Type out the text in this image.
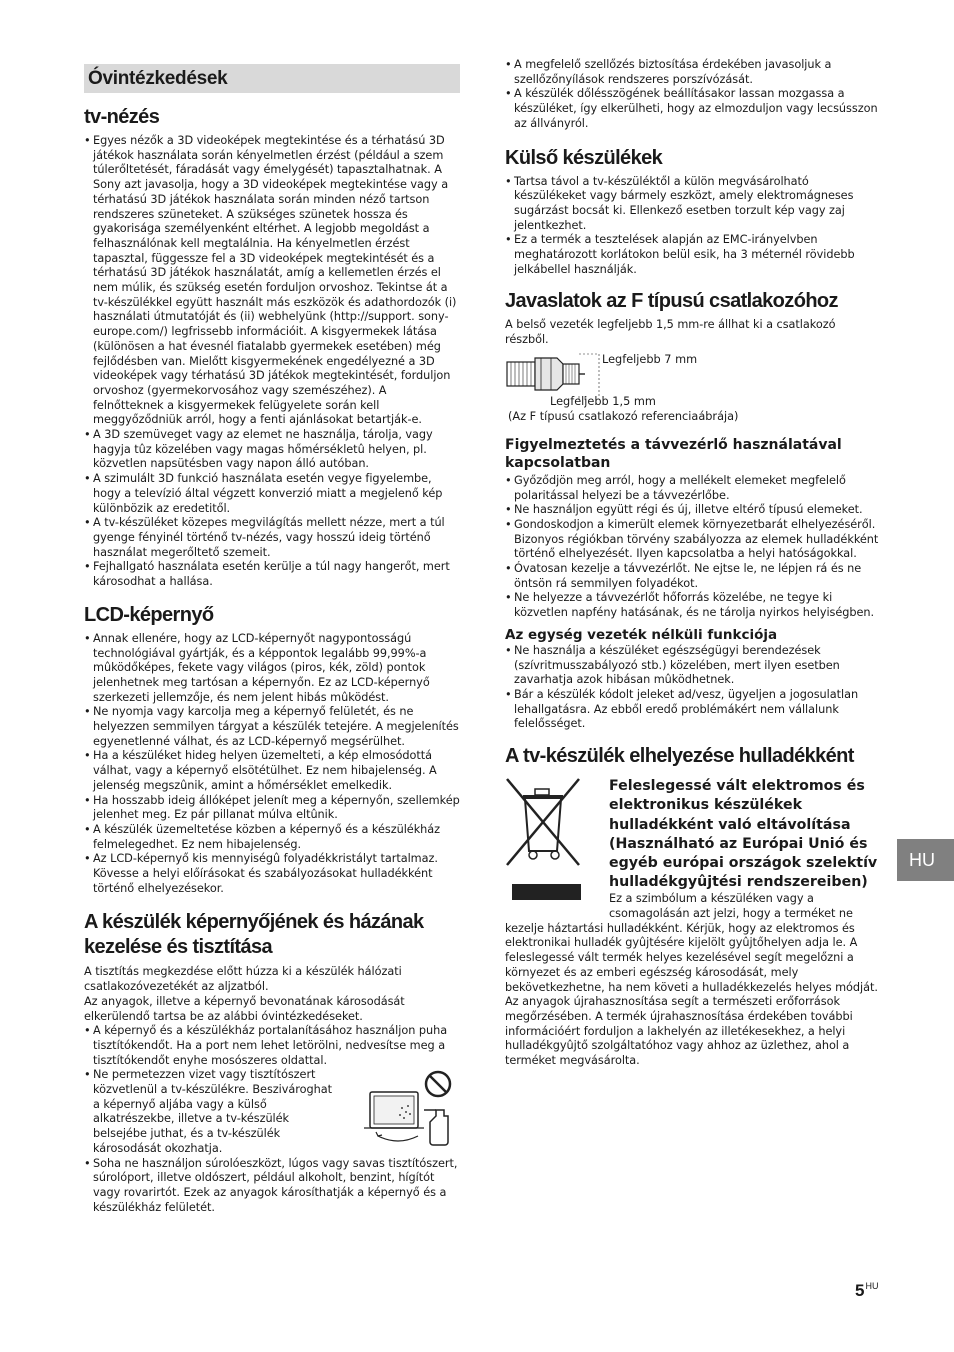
Óvintézkedések
tv-nézés
• Egyes nézők a 3D videoképek megtekintése és a térhatású 3D játékok használata során kényelmetlen érzést (például a szem túlerőltetését, fáradását vagy émelygését) tapasztalhatnak. A Sony azt javasolja, hogy a 3D videoképek megtekintése vagy a térhatású 3D játékok használata során minden néző tartson rendszeres szüneteket. A szükséges szünetek hossza és gyakorisága személyenként eltérhet. A legjobb megoldást a felhasználónak kell megtalálnia. Ha kényelmetlen érzést tapasztal, függessze fel a 3D videoképek megtekintését és a térhatású 3D játékok használatát, amíg a kellemetlen érzés el nem múlik, és szükség esetén forduljon orvoshoz. Tekintse át a tv-készülékkel együtt használt más eszközök és adathordozók (i) használati útmutatóját és (ii) webhelyünk (http://support. sony-europe.com/) legfrissebb információit. A kisgyermekek látása (különösen a hat évesnél fiatalabb gyermekek esetében) még fejlődésben van. Mielőtt kisgyermekének engedélyezné a 3D videoképek vagy térhatású 3D játékok megtekintését, forduljon orvoshoz (gyermekorvosához vagy szemészéhez). A felnőtteknek a kisgyermekek felügyelete során kell meggyőződniük arról, hogy a fenti ajánlásokat betartják-e.
• A 3D szemüveget vagy az elemet ne használja, tárolja, vagy hagyja tûz közelében vagy magas hőmérsékletû helyen, pl. közvetlen napsütésben vagy napon álló autóban.
• A szimulált 3D funkció használata esetén vegye figyelembe, hogy a televízió által végzett konverzió miatt a megjelenő kép különbözik az eredetitől.
• A tv-készüléket közepes megvilágítás mellett nézze, mert a túl gyenge fényinél történő tv-nézés, vagy hosszú ideig történő használat megerőltető szemeit.
• Fejhallgató használata esetén kerülje a túl nagy hangerőt, mert károsodhat a hallása.
LCD-képernyő
• Annak ellenére, hogy az LCD-képernyőt nagypontosságú technológiával gyártják, és a képpontok legalább 99,99%-a mûködőképes, fekete vagy világos (piros, kék, zöld) pontok jelenhetnek meg tartósan a képernyőn. Ez az LCD-képernyő szerkezeti jellemzője, és nem jelent hibás mûködést.
• Ne nyomja vagy karcolja meg a képernyő felületét, és ne helyezzen semmilyen tárgyat a készülék tetejére. A megjelenítés egyenetlenné válhat, és az LCD-képernyő megsérülhet.
• Ha a készüléket hideg helyen üzemelteti, a kép elmosódottá válhat, vagy a képernyő elsötétülhet. Ez nem hibajelenség. A jelenség megszûnik, amint a hőmérséklet emelkedik.
• Ha hosszabb ideig állóképet jelenít meg a képernyőn, szellemkép jelenhet meg. Ez pár pillanat múlva eltûnik.
• A készülék üzemeltetése közben a képernyő és a készülékház felmelegedhet. Ez nem hibajelenség.
• Az LCD-képernyő kis mennyiségû folyadékkristályt tartalmaz. Kövesse a helyi előírásokat és szabályozásokat hulladékként történő elhelyezésekor.
A készülék képernyőjének és házának kezelése és tisztítása

A tisztítás megkezdése előtt húzza ki a készülék hálózati csatlakozóvezetékét az aljzatból.

Az anyagok, illetve a képernyő bevonatának károsodását elkerülendő tartsa be az alábbi óvintézkedéseket.

• A képernyő és a készülékház portalanításához használjon puha tisztítókendőt. Ha a port nem lehet letörölni, nedvesítse meg a tisztítókendőt enyhe mosószeres oldattal.
• Ne permetezzen vizet vagy tisztítószert
közvetlenül a tv-készülékre. Beszivároghat
a képernyő aljába vagy a külső
alkatrészekbe, illetve a tv-készülék
belsejébe juthat, és a tv-készülék
károsodását okozhatja.
• Soha ne használjon súrolóeszközt, lúgos vagy savas tisztítószert, súrolóport, illetve oldószert, például alkoholt, benzint, hígítót vagy rovarirtót. Ezek az anyagok károsíthatják a képernyő és a készülékház felületét.
• A megfelelő szellőzés biztosítása érdekében javasoljuk a szellőzőnyílások rendszeres porszívózását.
• A készülék dőlésszögének beállításakor lassan mozgassa a készüléket, így elkerülheti, hogy az elmozduljon vagy lecsússzon az állványról.
Külső készülékek
• Tartsa távol a tv-készüléktől a külön megvásárolható készülékeket vagy bármely eszközt, amely elektromágneses sugárzást bocsát ki. Ellenkező esetben torzult kép vagy zaj jelentkezhet.
• Ez a termék a tesztelések alapján az EMC-irányelvben meghatározott korlátokon belül esik, ha 3 méternél rövidebb jelkábellel használják.
Javaslatok az F típusú csatlakozóhoz

A belső vezeték legfeljebb 1,5 mm-re állhat ki a csatlakozó részből.

Legfeljebb 7 mm
Legfeljebb 1,5 mm
(Az F típusú csatlakozó referenciaábrája)
Figyelmeztetés a távvezérlő használatával kapcsolatban
• Győződjön meg arról, hogy a mellékelt elemeket megfelelő polaritással helyezi be a távvezérlőbe.
• Ne használjon együtt régi és új, illetve eltérő típusú elemeket.
• Gondoskodjon a kimerült elemek környezetbarát elhelyezéséről. Bizonyos régiókban törvény szabályozza az elemek hulladékként történő elhelyezését. Ilyen kapcsolatba a helyi hatóságokkal.
• Óvatosan kezelje a távvezérlőt. Ne ejtse le, ne lépjen rá és ne öntsön rá semmilyen folyadékot.
• Ne helyezze a távvezérlőt hőforrás közelébe, ne tegye ki közvetlen napfény hatásának, és ne tárolja nyirkos helyiségben.
Az egység vezeték nélküli funkciója
• Ne használja a készüléket egészségügyi berendezések (szívritmusszabályozó stb.) közelében, mert ilyen esetben zavarhatja azok hibásan mûködhetnek.
• Bár a készülék kódolt jeleket ad/vesz, ügyeljen a jogosulatlan lehallgatásra. Az ebből eredő problémákért nem vállalunk felelősséget.
A tv-készülék elhelyezése hulladékként
Feleslegessé vált elektromos és elektronikus készülékek hulladékként való eltávolítása (Használható az Európai Unió és egyéb európai országok szelektív hulladékgyûjtési rendszereiben)

Ez a szimbólum a készüléken vagy a

csomagolásán azt jelzi, hogy a terméket ne

kezelje háztartási hulladékként. Kérjük, hogy az elektromos és elektronikai hulladék gyûjtésére kijelölt gyûjtőhelyen adja le. A feleslegessé vált termék helyes kezelésével segít megelőzni a környezet és az emberi egészség károsodását, mely bekövetkezhetne, ha nem követi a hulladékkezelés helyes módját. Az anyagok újrahasznosítása segít a természeti erőforrások megőrzésében. A termék újrahasznosítása érdekében további információért forduljon a lakhelyén az illetékesekhez, a helyi hulladékgyûjtő szolgáltatóhoz vagy ahhoz az üzlethez, ahol a terméket megvásárolta.

HU
$5^{HU}$
